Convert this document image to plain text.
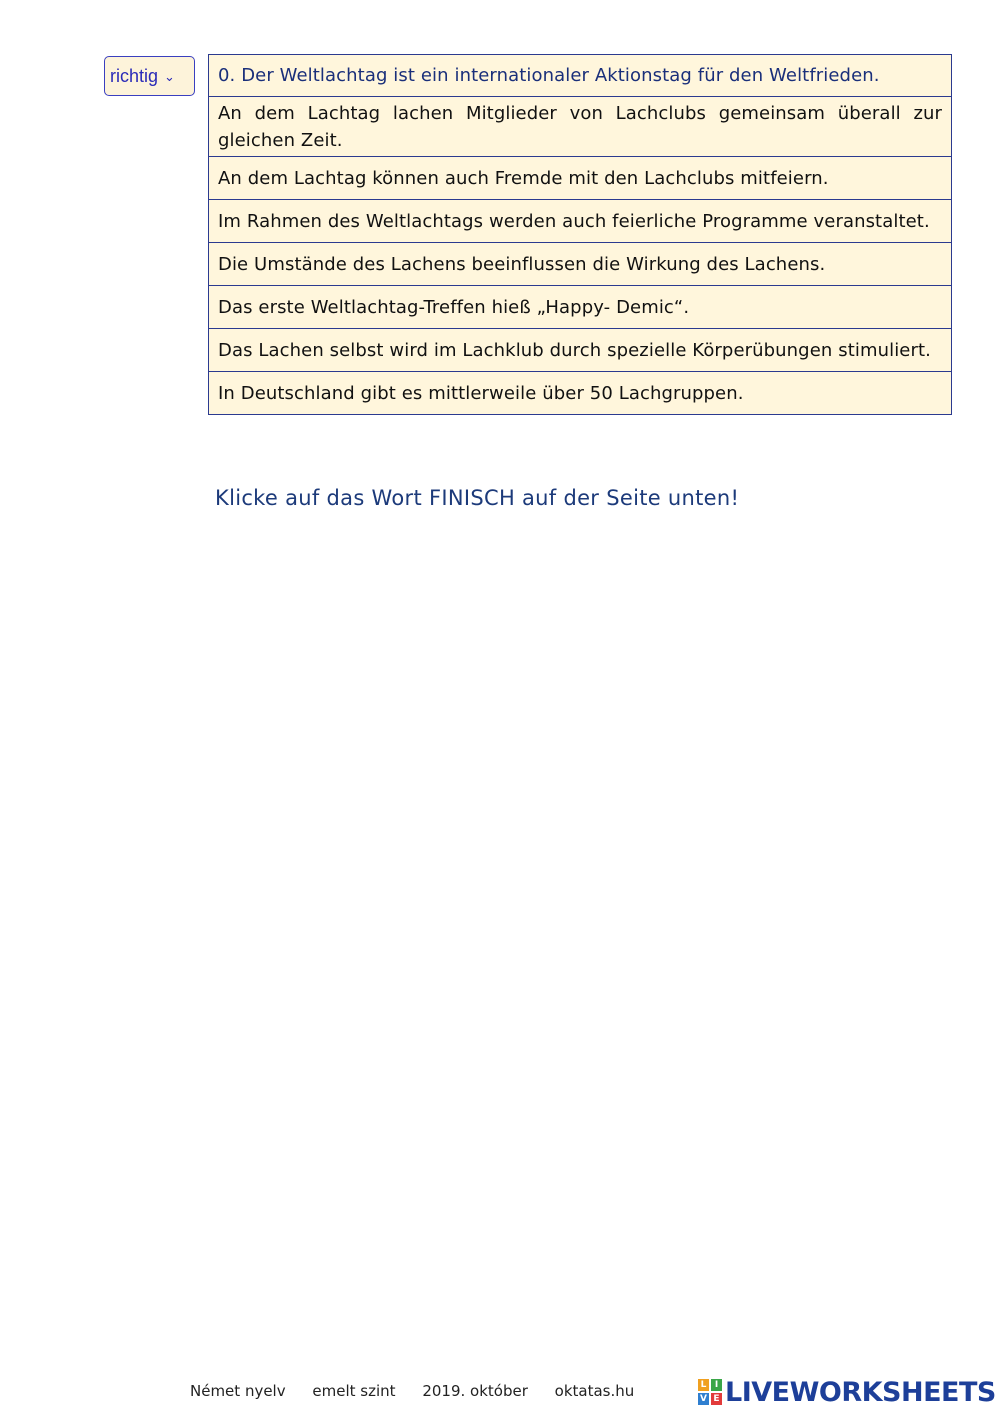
richtig ⌄	0. Der Weltlachtag ist ein internationaler Aktionstag für den Weltfrieden.
An dem Lachtag lachen Mitglieder von Lachclubs gemeinsam überall zur gleichen Zeit.
An dem Lachtag können auch Fremde mit den Lachclubs mitfeiern.
Im Rahmen des Weltlachtags werden auch feierliche Programme veranstaltet.
Die Umstände des Lachens beeinflussen die Wirkung des Lachens.
Das erste Weltlachtag-Treffen hieß „Happy- Demic“.
Das Lachen selbst wird im Lachklub durch spezielle Körperübungen stimuliert.
In Deutschland gibt es mittlerweile über 50 Lachgruppen.
Klicke auf das Wort FINISCH auf der Seite unten!
Német nyelv emelt szint 2019. október oktatas.hu	L I
V E LIVEWORKSHEETS
